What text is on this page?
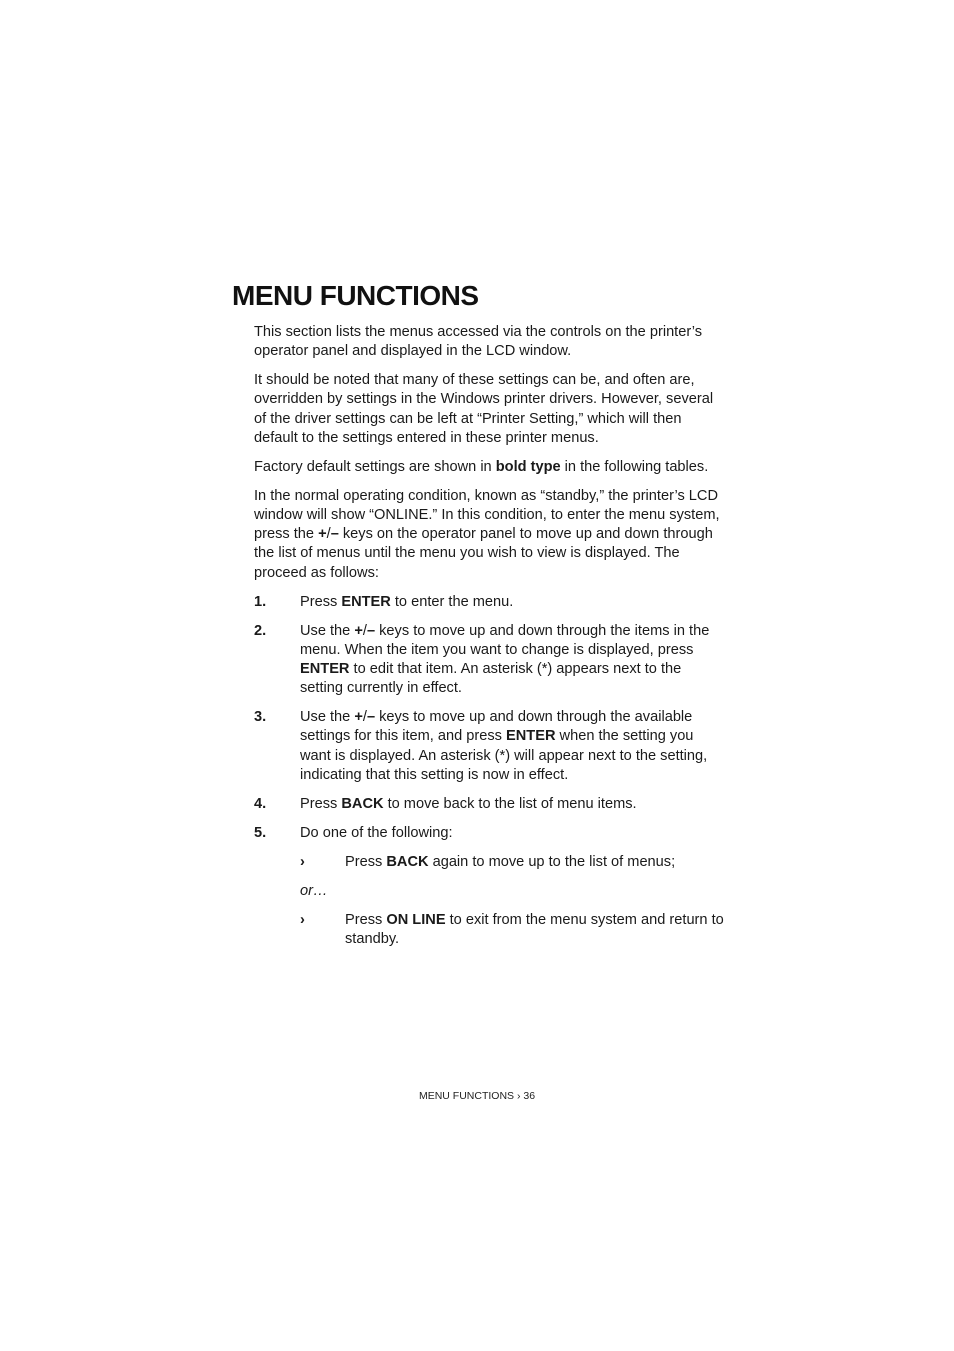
MENU FUNCTIONS

This section lists the menus accessed via the controls on the printer’s operator panel and displayed in the LCD window.

It should be noted that many of these settings can be, and often are, overridden by settings in the Windows printer drivers. However, several of the driver settings can be left at “Printer Setting,” which will then default to the settings entered in these printer menus.

Factory default settings are shown in bold type in the following tables.

In the normal operating condition, known as “standby,” the printer’s LCD window will show “ONLINE.” In this condition, to enter the menu system, press the +/– keys on the operator panel to move up and down through the list of menus until the menu you wish to view is displayed. The proceed as follows:

1. Press ENTER to enter the menu.
2. Use the +/– keys to move up and down through the items in the menu. When the item you want to change is displayed, press ENTER to edit that item. An asterisk (*) appears next to the setting currently in effect.
3. Use the +/– keys to move up and down through the available settings for this item, and press ENTER when the setting you want is displayed. An asterisk (*) will appear next to the setting, indicating that this setting is now in effect.
4. Press BACK to move back to the list of menu items.
5. Do one of the following:
›	Press BACK again to move up to the list of menus;

or…

›	Press ON LINE to exit from the menu system and return to standby.
MENU FUNCTIONS › 36
